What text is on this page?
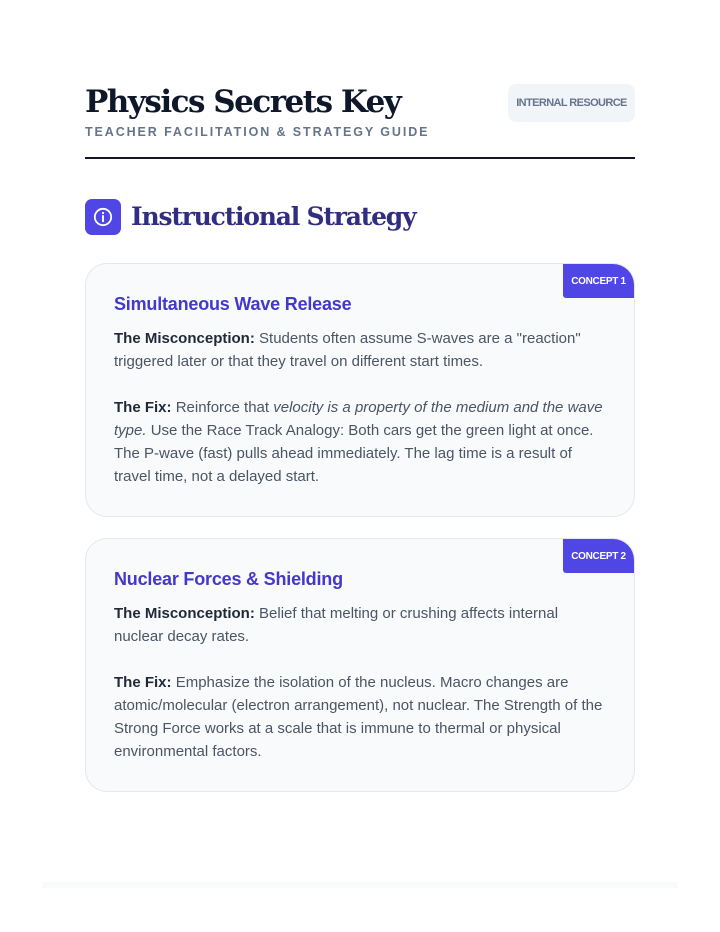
Physics Secrets Key
TEACHER FACILITATION & STRATEGY GUIDE
INTERNAL RESOURCE
Instructional Strategy
CONCEPT 1
Simultaneous Wave Release

The Misconception: Students often assume S-waves are a "reaction" triggered later or that they travel on different start times.

The Fix: Reinforce that velocity is a property of the medium and the wave type. Use the Race Track Analogy: Both cars get the green light at once. The P-wave (fast) pulls ahead immediately. The lag time is a result of travel time, not a delayed start.

CONCEPT 2
Nuclear Forces & Shielding

The Misconception: Belief that melting or crushing affects internal nuclear decay rates.

The Fix: Emphasize the isolation of the nucleus. Macro changes are atomic/molecular (electron arrangement), not nuclear. The Strength of the Strong Force works at a scale that is immune to thermal or physical environmental factors.
